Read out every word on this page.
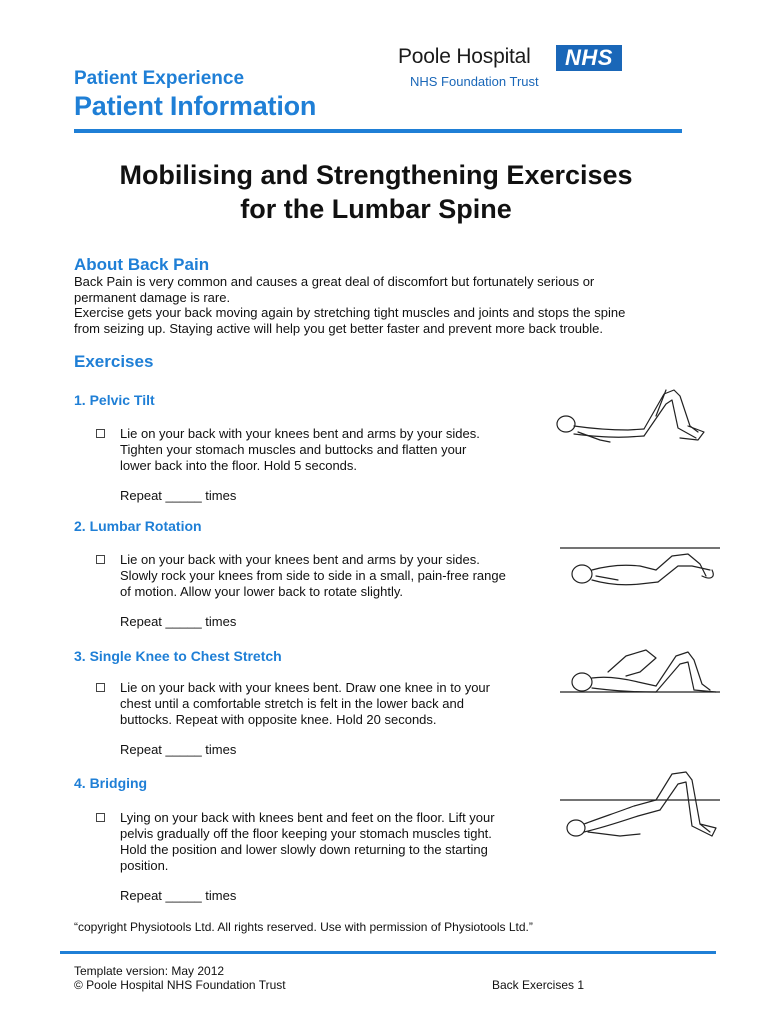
Patient Experience
Patient Information
Poole Hospital	NHS
NHS Foundation Trust
Mobilising and Strengthening Exercises
for the Lumbar Spine
About Back Pain
Back Pain is very common and causes a great deal of discomfort but fortunately serious or
permanent damage is rare.
Exercise gets your back moving again by stretching tight muscles and joints and stops the spine
from seizing up. Staying active will help you get better faster and prevent more back trouble.
Exercises
1. Pelvic Tilt
Lie on your back with your knees bent and arms by your sides.
Tighten your stomach muscles and buttocks and flatten your
lower back into the floor. Hold 5 seconds.
Repeat _____ times
2. Lumbar Rotation
Lie on your back with your knees bent and arms by your sides.
Slowly rock your knees from side to side in a small, pain-free range
of motion. Allow your lower back to rotate slightly.
Repeat _____ times
3. Single Knee to Chest Stretch
Lie on your back with your knees bent. Draw one knee in to your
chest until a comfortable stretch is felt in the lower back and
buttocks. Repeat with opposite knee. Hold 20 seconds.
Repeat _____ times
4. Bridging
Lying on your back with knees bent and feet on the floor. Lift your
pelvis gradually off the floor keeping your stomach muscles tight.
Hold the position and lower slowly down returning to the starting
position.
Repeat _____ times
“copyright Physiotools Ltd. All rights reserved. Use with permission of Physiotools Ltd.”
Template version: May 2012
© Poole Hospital NHS Foundation Trust	Back Exercises 1
